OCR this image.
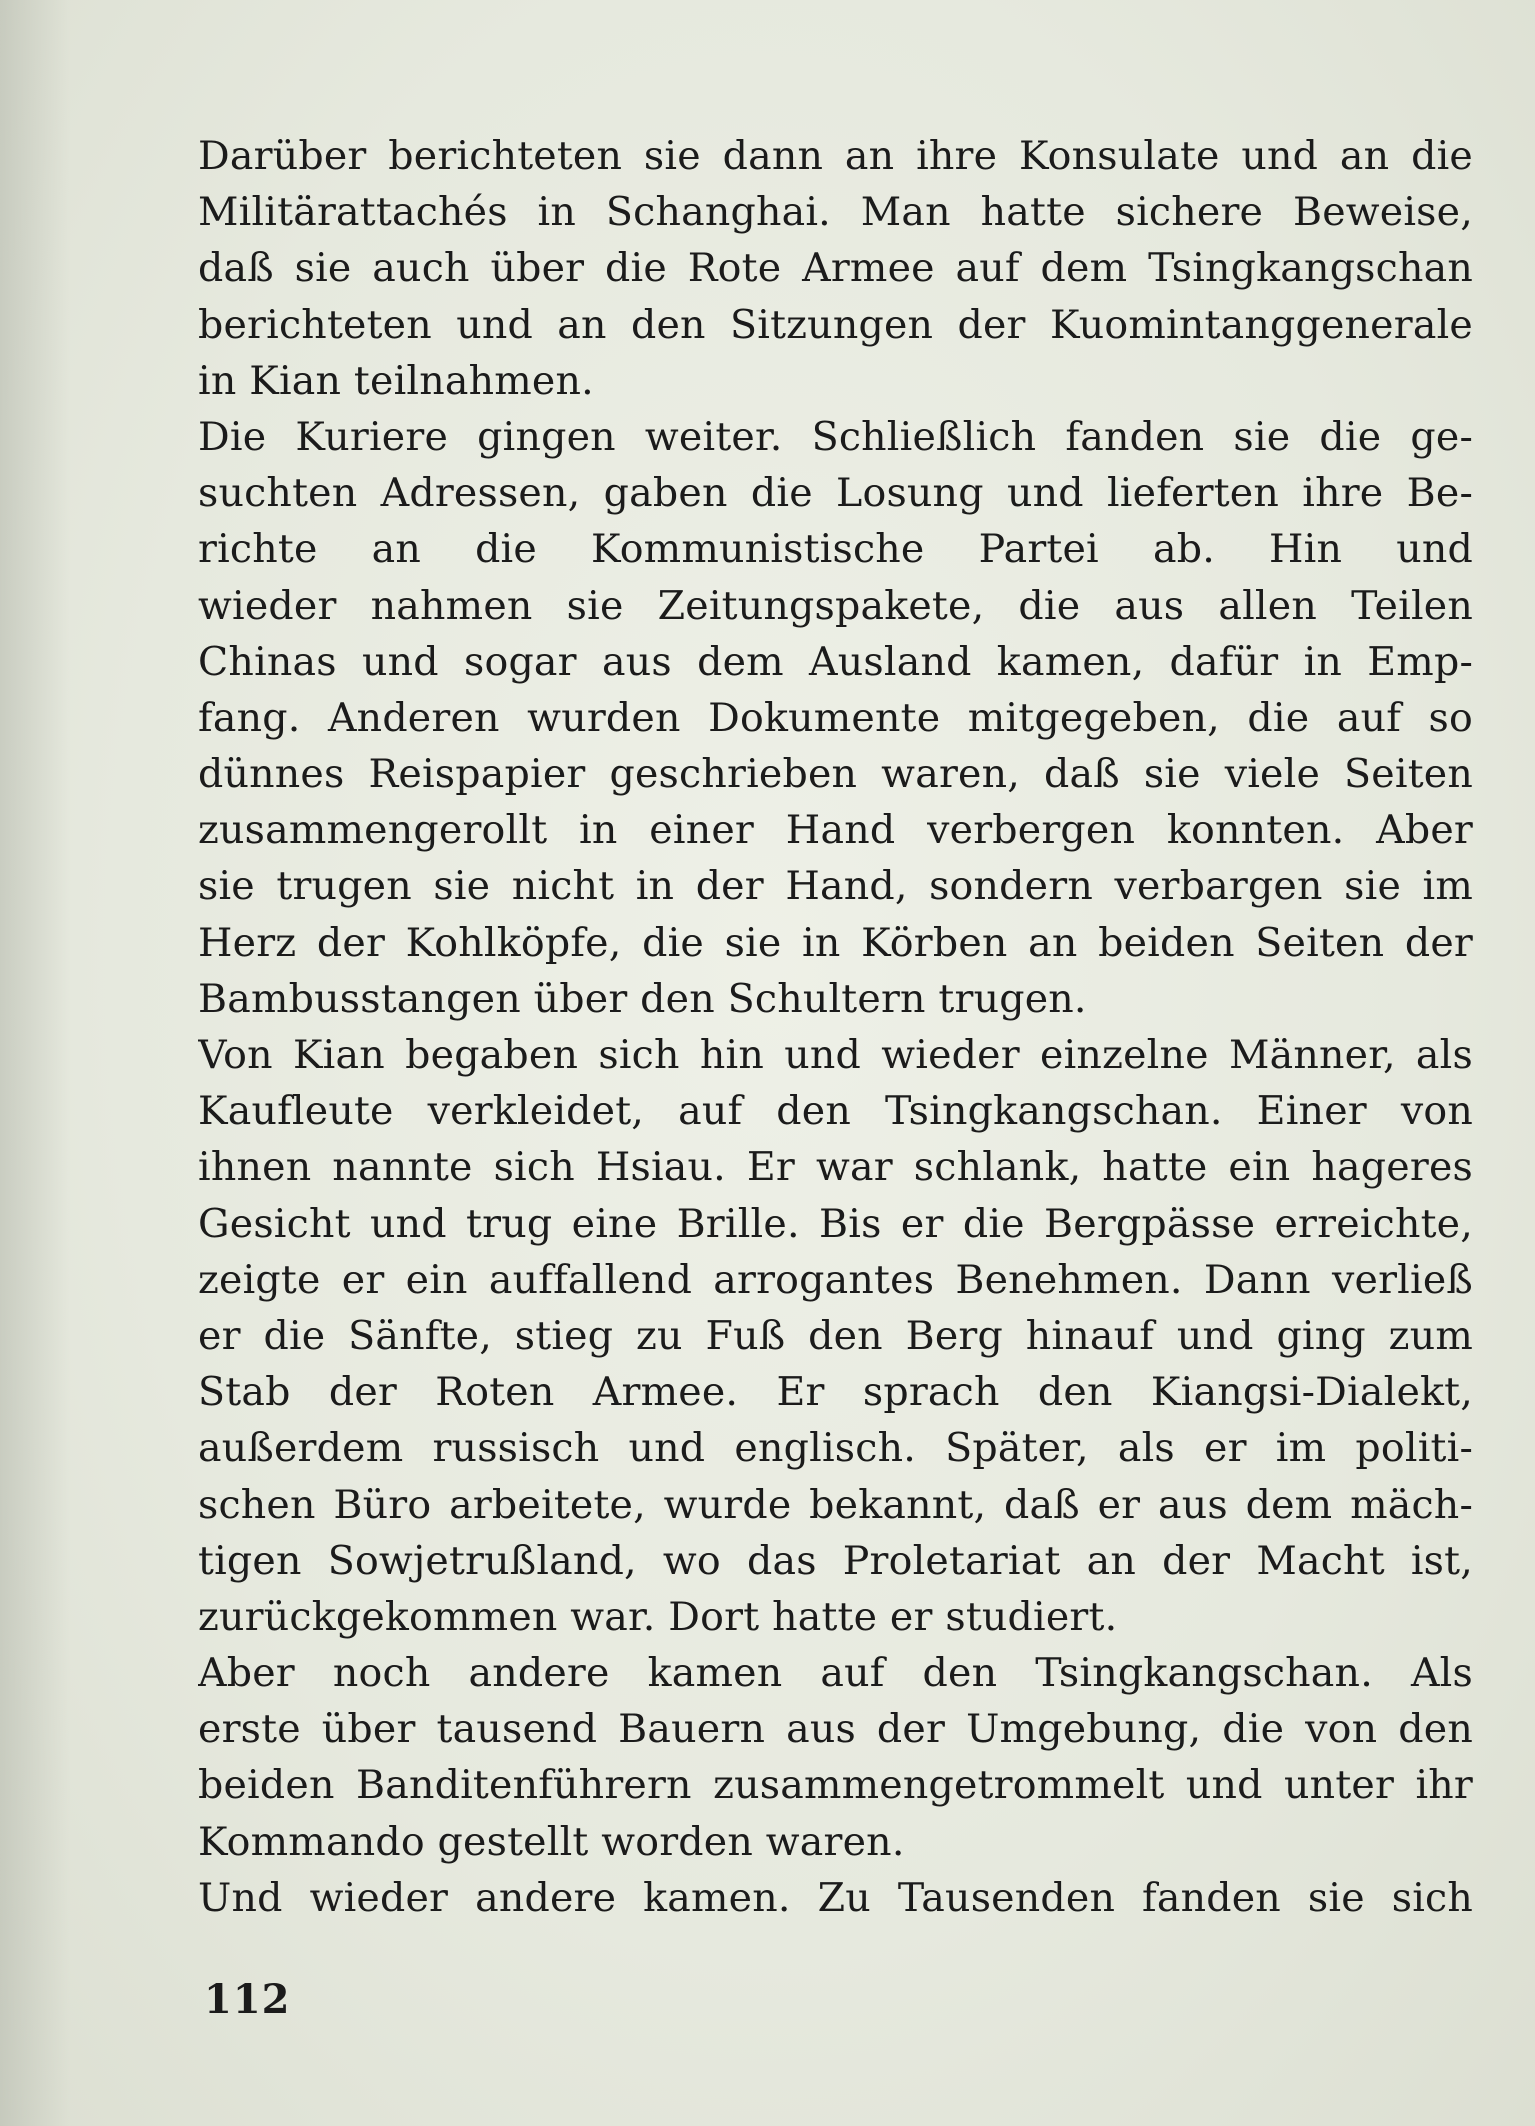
Darüber berichteten sie dann an ihre Konsulate und an die
Militärattachés in Schanghai. Man hatte sichere Beweise,
daß sie auch über die Rote Armee auf dem Tsingkangschan
berichteten und an den Sitzungen der Kuomintanggenerale
in Kian teilnahmen.
Die Kuriere gingen weiter. Schließlich fanden sie die ge-
suchten Adressen, gaben die Losung und lieferten ihre Be-
richte an die Kommunistische Partei ab. Hin und
wieder nahmen sie Zeitungspakete, die aus allen Teilen
Chinas und sogar aus dem Ausland kamen, dafür in Emp-
fang. Anderen wurden Dokumente mitgegeben, die auf so
dünnes Reispapier geschrieben waren, daß sie viele Seiten
zusammengerollt in einer Hand verbergen konnten. Aber
sie trugen sie nicht in der Hand, sondern verbargen sie im
Herz der Kohlköpfe, die sie in Körben an beiden Seiten der
Bambusstangen über den Schultern trugen.
Von Kian begaben sich hin und wieder einzelne Männer, als
Kaufleute verkleidet, auf den Tsingkangschan. Einer von
ihnen nannte sich Hsiau. Er war schlank, hatte ein hageres
Gesicht und trug eine Brille. Bis er die Bergpässe erreichte,
zeigte er ein auffallend arrogantes Benehmen. Dann verließ
er die Sänfte, stieg zu Fuß den Berg hinauf und ging zum
Stab der Roten Armee. Er sprach den Kiangsi-Dialekt,
außerdem russisch und englisch. Später, als er im politi-
schen Büro arbeitete, wurde bekannt, daß er aus dem mäch-
tigen Sowjetrußland, wo das Proletariat an der Macht ist,
zurückgekommen war. Dort hatte er studiert.
Aber noch andere kamen auf den Tsingkangschan. Als
erste über tausend Bauern aus der Umgebung, die von den
beiden Banditenführern zusammengetrommelt und unter ihr
Kommando gestellt worden waren.
Und wieder andere kamen. Zu Tausenden fanden sie sich
112
